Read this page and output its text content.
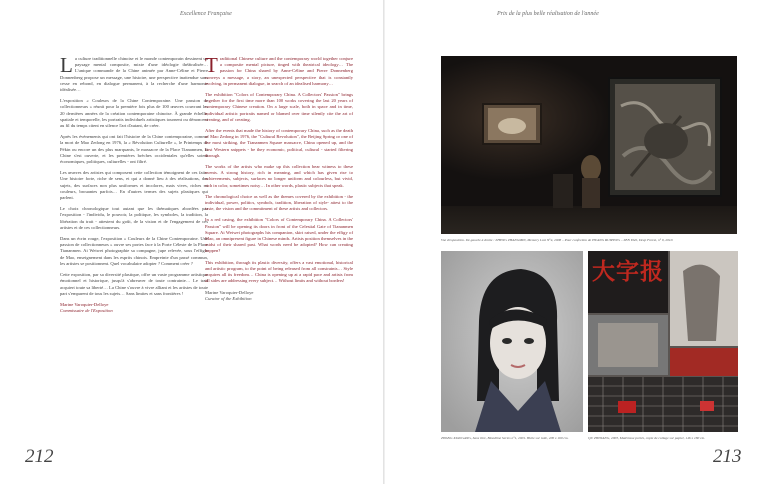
Excellence Française	Prix de la plus belle réalisation de l'année

La culture traditionnelle chinoise et le monde contemporain dessinent un paysage mental composite, mixte d'une idéologie théâtralisée… L'unique commande de la Chine animée par Anne-Céline et Pierre Donnenberg propose un message, une histoire, une perspective inattendue sans cesse en rebond, en dialogue permanent, à la recherche d'une harmonie idéalisée…

L'exposition « Couleurs de la Chine Contemporaine. Une passion de collectionneurs » réunit pour la première fois plus de 100 œuvres couvrant les 20 dernières années de la création contemporaine chinoise. À grande échelle, spatiale et temporelle, les portraits individuels artistiques tournent ou dénoncent au fil du temps citent en silence l'art d'autant, de créer.

Après les événements qui ont fait l'histoire de la Chine contemporaine, comme la mort de Mao Zedong en 1976, la « Révolution Culturelle », le Printemps de Pékin ou encore un des plus marquants, le massacre de la Place Tiananmen, la Chine s'est ouverte, et les premières brèches occidentales qu'elles soient économiques, politiques, culturelles - ont filtré.

Les œuvres des artistes qui composent cette collection témoignent de ces faits. Une histoire forte, riche de sens, et qui a donné lieu à des réalisations, des sujets, des surfaces non plus uniformes et incolores, mais vives, riches en couleurs, brouantes parfois… En d'autres termes des sujets plastiques qui parlent.

Le choix chronologique tout autant que les thématiques abordées par l'exposition - l'individu, le pouvoir, la politique, les symboles, la tradition, la libération du trait - attestent du goût, de la vision et de l'engagement de ces artistes et de ces collectionneurs.

Dans un écrin rouge, l'exposition « Couleurs de la Chine Contemporaine. Une passion de collectionneurs » ouvre ses portes face à la Porte Céleste de la Place Tiananmen. Ai Weiwei photographie sa compagne, jupe relevée, sous l'effigie de Mao, enseignement dans les esprits chinois. Empreinte d'un passé commun, les artistes se positionnent. Quel vocabulaire adopter ? Comment créer ?

Cette exposition, par sa diversité plastique, offre un vaste programme artistique émotionnel et historique, jusqu'à s'abreuver de toute contrainte… Le trait acquiert toute sa liberté… La Chine s'ouvre à vivre alliant et les artistes de toute part s'emparent de tous les sujets… Sans limites et sans frontières !

Marine Varoquier-Delloye
Commissaire de l'Exposition

Traditional Chinese culture and the contemporary world together conjure a composite mental picture, tinged with theatrical ideology… The passion for China shared by Anne-Céline and Pierre Donnenberg conveys a message, a story, an unexpected perspective that is constantly evolving, in permanent dialogue, in search of an idealised harmony…

The exhibition "Colors of Contemporary China. A Collectors' Passion" brings together for the first time more than 100 works covering the last 20 years of contemporary Chinese creation. On a large scale, both in space and in time, individual artistic portraits named or blamed over time silently cite the art of creating, and of creating.

After the events that made the history of contemporary China, such as the death of Mao Zedong in 1976, the "Cultural Revolution", the Beijing Spring or one of the most striking, the Tiananmen Square massacre, China opened up, and the first Western snippets - be they economic, political, cultural - started filtering through.

The works of the artists who make up this collection bear witness to these events. A strong history, rich in meaning, and which has given rise to achievements, subjects, surfaces no longer uniform and colourless, but vivid, rich in color, sometimes noisy… In other words, plastic subjects that speak.

The chronological choice as well as the themes covered by the exhibition - the individual, power, politics, symbols, tradition, liberation of style- attest to the taste, the vision and the commitment of these artists and collectors.

In a red casing, the exhibition "Colors of Contemporary China. A Collectors' Passion" will be opening its doors in front of the Celestial Gate of Tiananmen Square. Ai Weiwei photographs his companion, skirt raised, under the effigy of Mao, an omnipresent figure in Chinese minds. Artists position themselves in the midst of their shared past. What words need be adopted? How can creating happen?

This exhibition, through its plastic diversity, offers a vast emotional, historical and artistic program, to the point of being released from all constraints… Style acquires all its freedom… China is opening up at a rapid pace and artists from all sides are addressing every subject… Without limits and without borders!

Marine Varoquier-Delloye
Curator of the Exhibition
Vue d'exposition. De gauche à droite : ZHENG ZHANGMIN, Memory Lost N°4, 2008 – Pour confection de HUANG RUIPENG – ZEN YAO, Deep Forest, n° 9, 2010.
ZHANG XIAOGANG, Sans titre, Bloodline Series n°1, 2001. Huile sur toile, 200 x 160 cm.
大字报
QU ZHIJIANG, 2003, Matériaux portés, copie de collage sur papier, 146 x 180 cm.
212	213
